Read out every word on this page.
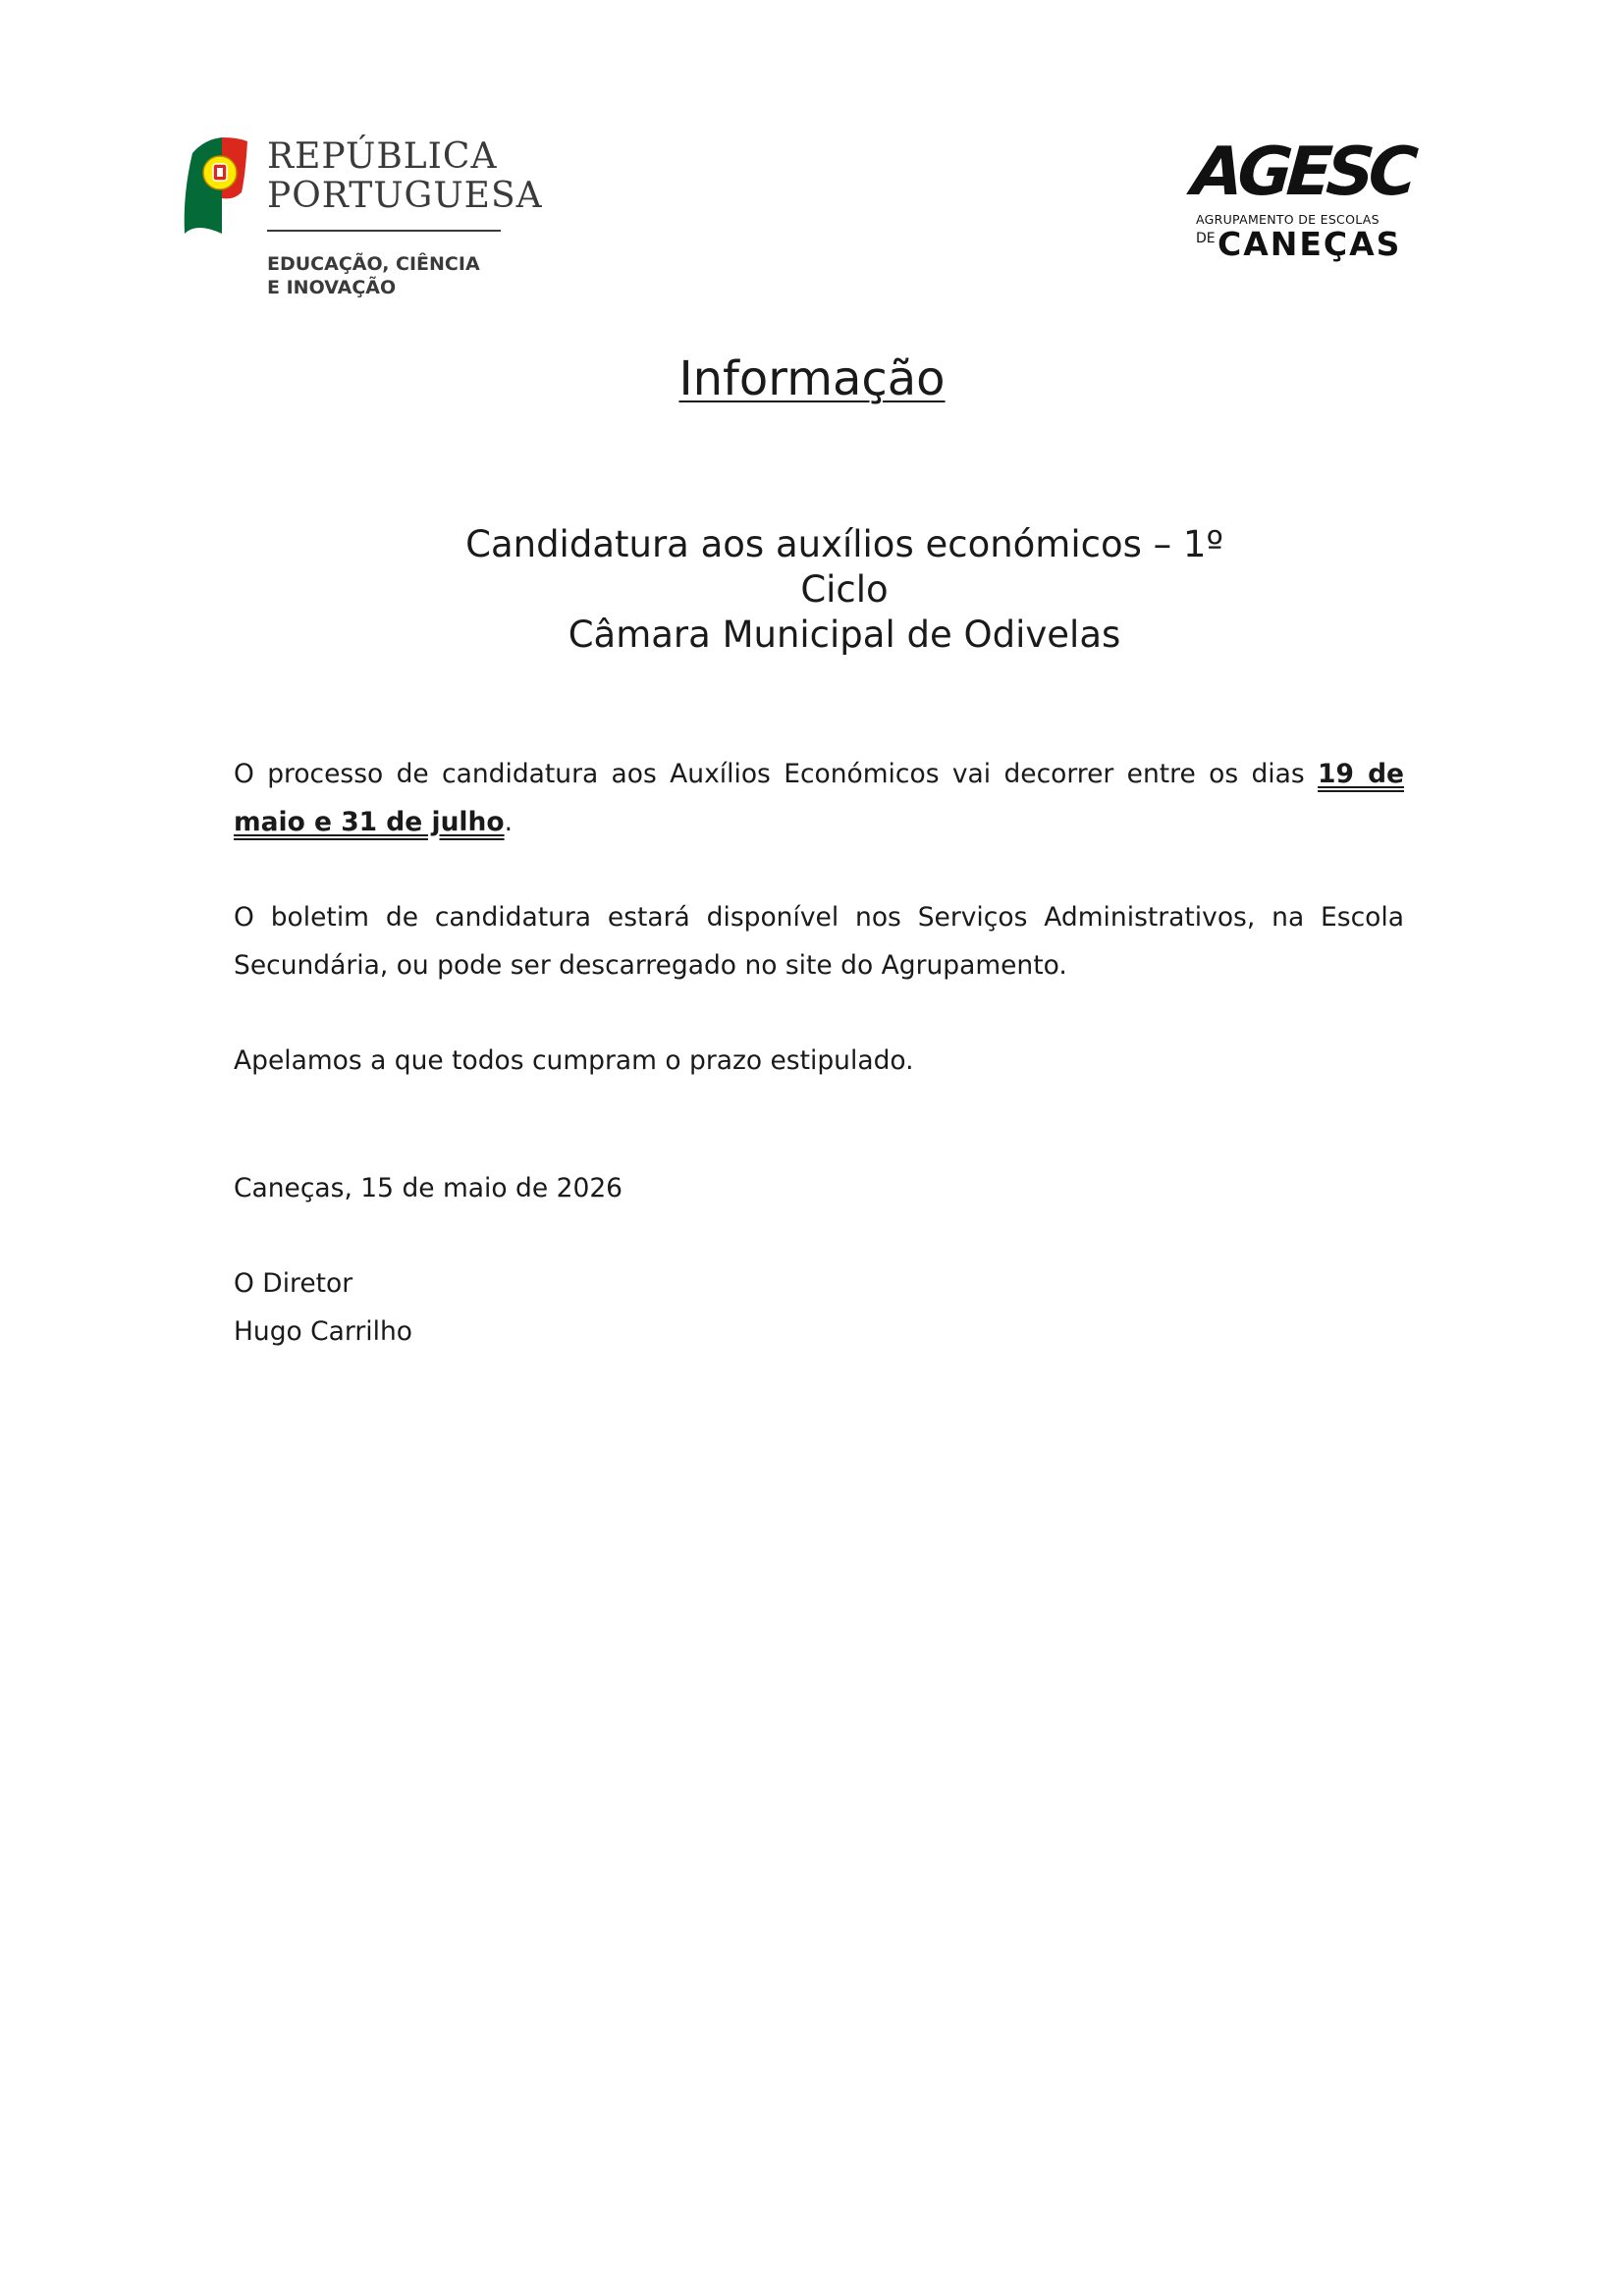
REPÚBLICA
PORTUGUESA
EDUCAÇÃO, CIÊNCIA
E INOVAÇÃO
AGESC
AGRUPAMENTO DE ESCOLAS
DE CANEÇAS
Informação
Candidatura aos auxílios económicos – 1º Ciclo
Câmara Municipal de Odivelas
O processo de candidatura aos Auxílios Económicos vai decorrer entre os dias 19 de maio e 31 de julho.
O boletim de candidatura estará disponível nos Serviços Administrativos, na Escola Secundária, ou pode ser descarregado no site do Agrupamento.
Apelamos a que todos cumpram o prazo estipulado.
Caneças, 15 de maio de 2026
O Diretor
Hugo Carrilho
